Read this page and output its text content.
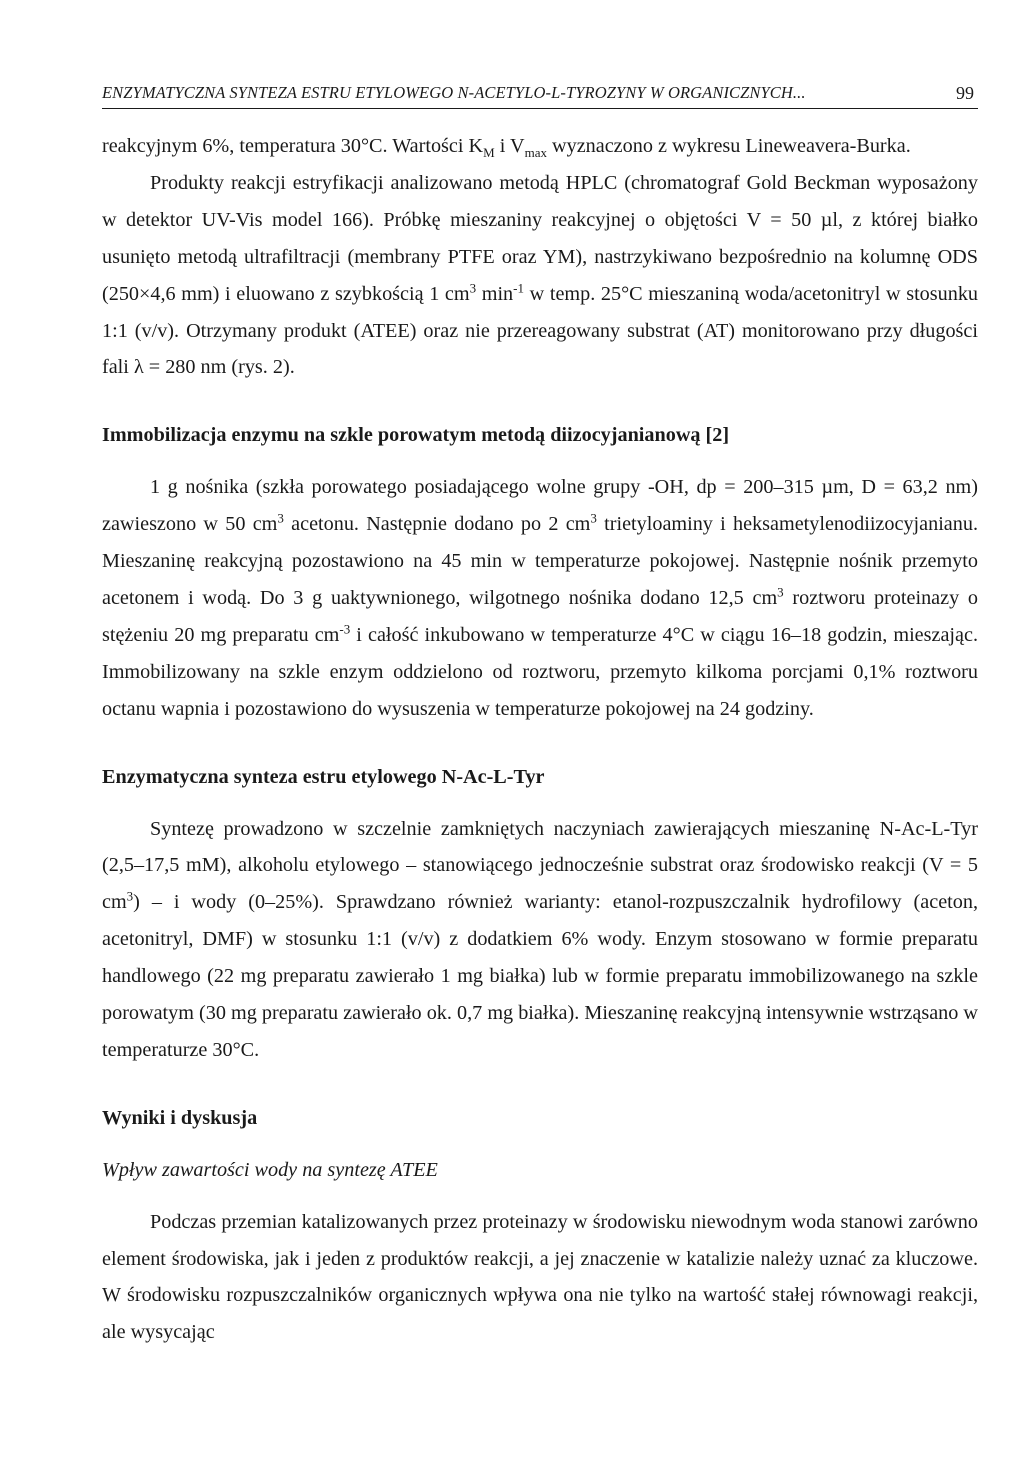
ENZYMATYCZNA SYNTEZA ESTRU ETYLOWEGO N-ACETYLO-L-TYROZYNY W ORGANICZNYCH...	99

reakcyjnym 6%, temperatura 30°C. Wartości $K_M$ i $V_{max}$ wyznaczono z wykresu Lineweavera-Burka.

Produkty reakcji estryfikacji analizowano metodą HPLC (chromatograf Gold Beckman wyposażony w detektor UV-Vis model 166). Próbkę mieszaniny reakcyjnej o objętości V = 50 µl, z której białko usunięto metodą ultrafiltracji (membrany PTFE oraz YM), nastrzykiwano bezpośrednio na kolumnę ODS (250×4,6 mm) i eluowano z szybkością 1 $cm^3$ $\min^{-1} w$ temp. 25°C mieszaniną woda/acetonitryl w stosunku 1:1 (v/v). Otrzymany produkt (ATEE) oraz nie przereagowany substrat (AT) monitorowano przy długości fali λ = 280 nm (rys. 2).

Immobilizacja enzymu na szkle porowatym metodą diizocyjanianową [2]

1 g nośnika (szkła porowatego posiadającego wolne grupy -OH, dp = 200–315 µm, D = 63,2 nm) zawieszono w 50 $cm^3$ acetonu. Następnie dodano po 2 $cm^3$ trietyloaminy i heksametylenodiizocyjanianu. Mieszaninę reakcyjną pozostawiono na 45 min w temperaturze pokojowej. Następnie nośnik przemyto acetonem i wodą. Do 3 g uaktywnionego, wilgotnego nośnika dodano 12,5 $cm^3$ roztworu proteinazy o stężeniu 20 mg preparatu $cm^{-3}$ i całość inkubowano w temperaturze 4°C w ciągu 16–18 godzin, mieszając. Immobilizowany na szkle enzym oddzielono od roztworu, przemyto kilkoma porcjami 0,1% roztworu octanu wapnia i pozostawiono do wysuszenia w temperaturze pokojowej na 24 godziny.

Enzymatyczna synteza estru etylowego N-Ac-L-Tyr

Syntezę prowadzono w szczelnie zamkniętych naczyniach zawierających mieszaninę N-Ac-L-Tyr (2,5–17,5 mM), alkoholu etylowego – stanowiącego jednocześnie substrat oraz środowisko reakcji (V = 5 $cm^3$) – i wody (0–25%). Sprawdzano również warianty: etanol-rozpuszczalnik hydrofilowy (aceton, acetonitryl, DMF) w stosunku 1:1 (v/v) z dodatkiem 6% wody. Enzym stosowano w formie preparatu handlowego (22 mg preparatu zawierało 1 mg białka) lub w formie preparatu immobilizowanego na szkle porowatym (30 mg preparatu zawierało ok. 0,7 mg białka). Mieszaninę reakcyjną intensywnie wstrząsano w temperaturze 30°C.

Wyniki i dyskusja
Wpływ zawartości wody na syntezę ATEE

Podczas przemian katalizowanych przez proteinazy w środowisku niewodnym woda stanowi zarówno element środowiska, jak i jeden z produktów reakcji, a jej znaczenie w katalizie należy uznać za kluczowe. W środowisku rozpuszczalników organicznych wpływa ona nie tylko na wartość stałej równowagi reakcji, ale wysycając
